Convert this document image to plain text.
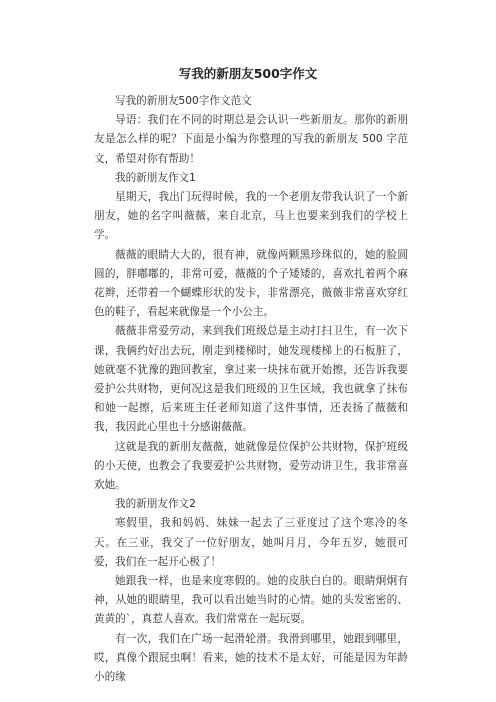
写我的新朋友500字作文

写我的新朋友500字作文范文

导语：我们在不同的时期总是会认识一些新朋友。那你的新朋友是怎么样的呢？下面是小编为你整理的写我的新朋友 500 字范文，希望对你有帮助！

我的新朋友作文1

星期天，我出门玩得时候，我的一个老朋友带我认识了一个新朋友，她的名字叫薇薇，来自北京，马上也要来到我们的学校上学。

薇薇的眼睛大大的，很有神，就像两颗黑珍珠似的，她的脸圆圆的，胖嘟嘟的，非常可爱，薇薇的个子矮矮的，喜欢扎着两个麻花辫，还带着一个蝴蝶形状的发卡，非常漂亮，薇薇非常喜欢穿红色的鞋子，看起来就像是一个小公主。

薇薇非常爱劳动，来到我们班级总是主动打扫卫生，有一次下课，我俩约好出去玩，刚走到楼梯时，她发现楼梯上的石板脏了，她就毫不犹豫的跑回教室，拿过来一块抹布就开始擦，还告诉我要爱护公共财物，更何况这是我们班级的卫生区域，我也就拿了抹布和她一起擦，后来班主任老师知道了这件事情，还表扬了薇薇和我，我因此心里也十分感谢薇薇。

这就是我的新朋友薇薇，她就像是位保护公共财物，保护班级的小天使，也教会了我要爱护公共财物，爱劳动讲卫生，我非常喜欢她。

我的新朋友作文2

寒假里，我和妈妈、妹妹一起去了三亚度过了这个寒冷的冬天。在三亚，我交了一位好朋友，她叫月月，今年五岁，她很可爱，我们在一起开心极了！

她跟我一样，也是来度寒假的。她的皮肤白白的。眼睛炯炯有神，从她的眼睛里，我可以看出她当时的心情。她的头发密密的、黄黄的`，真惹人喜欢。我们常常在一起玩耍。

有一次，我们在广场一起滑轮滑。我滑到哪里，她跟到哪里，哎，真像个跟屁虫啊！看来，她的技术不是太好，可能是因为年龄小的缘
